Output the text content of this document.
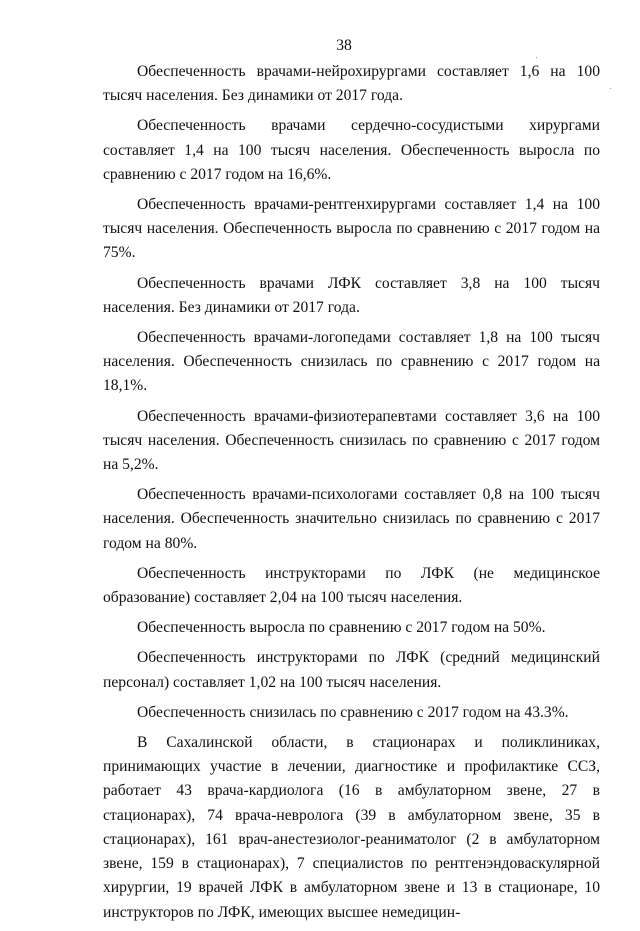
38

Обеспеченность врачами-нейрохирургами составляет 1,6 на 100 тысяч населения. Без динамики от 2017 года.

Обеспеченность врачами сердечно-сосудистыми хирургами составляет 1,4 на 100 тысяч населения. Обеспеченность выросла по сравнению с 2017 годом на 16,6%.

Обеспеченность врачами-рентгенхирургами составляет 1,4 на 100 тысяч населения. Обеспеченность выросла по сравнению с 2017 годом на 75%.

Обеспеченность врачами ЛФК составляет 3,8 на 100 тысяч населения. Без динамики от 2017 года.

Обеспеченность врачами-логопедами составляет 1,8 на 100 тысяч населения. Обеспеченность снизилась по сравнению с 2017 годом на 18,1%.

Обеспеченность врачами-физиотерапевтами составляет 3,6 на 100 тысяч населения. Обеспеченность снизилась по сравнению с 2017 годом на 5,2%.

Обеспеченность врачами-психологами составляет 0,8 на 100 тысяч населения. Обеспеченность значительно снизилась по сравнению с 2017 годом на 80%.

Обеспеченность инструкторами по ЛФК (не медицинское образование) составляет 2,04 на 100 тысяч населения.

Обеспеченность выросла по сравнению с 2017 годом на 50%.

Обеспеченность инструкторами по ЛФК (средний медицинский персонал) составляет 1,02 на 100 тысяч населения.

Обеспеченность снизилась по сравнению с 2017 годом на 43.3%.

В Сахалинской области, в стационарах и поликлиниках, принимающих участие в лечении, диагностике и профилактике ССЗ, работает 43 врача-кардиолога (16 в амбулаторном звене, 27 в стационарах), 74 врача-невролога (39 в амбулаторном звене, 35 в стационарах), 161 врач-анестезиолог-реаниматолог (2 в амбулаторном звене, 159 в стационарах), 7 специалистов по рентгенэндоваскулярной хирургии, 19 врачей ЛФК в амбулаторном звене и 13 в стационаре, 10 инструкторов по ЛФК, имеющих высшее немедицин-
